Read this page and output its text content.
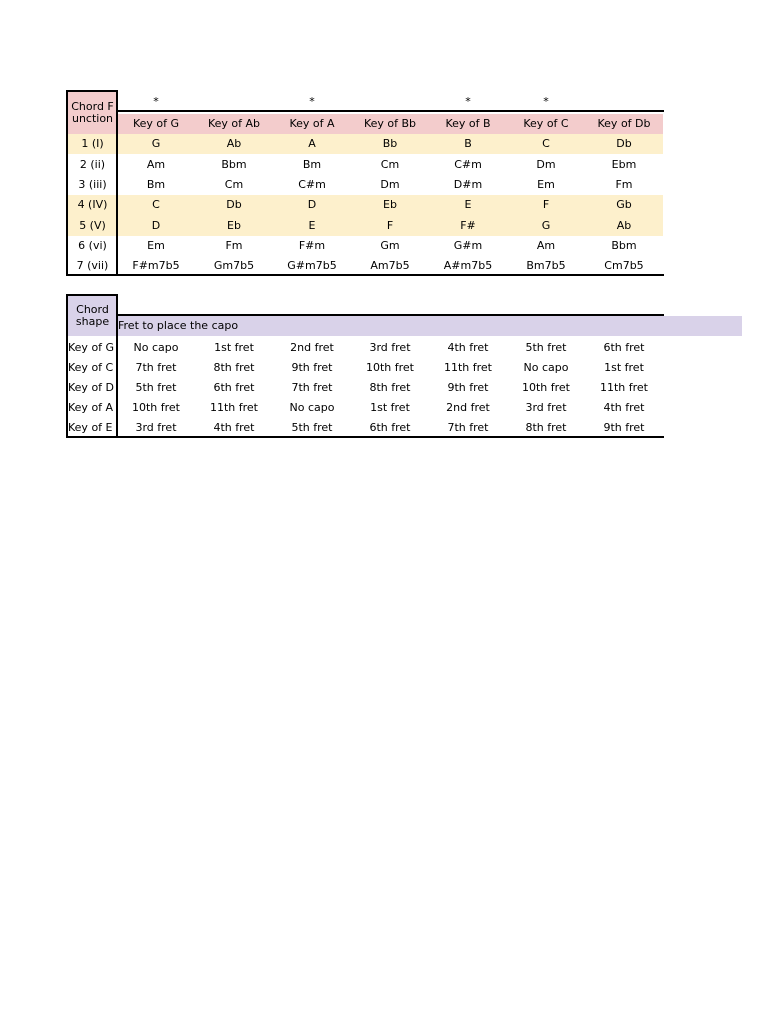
Chord Function
*	*	*	*
Key of G	Key of Ab	Key of A	Key of Bb	Key of B	Key of C	Key of Db
1 (I)	G	Ab	A	Bb	B	C	Db
2 (ii)	Am	Bbm	Bm	Cm	C#m	Dm	Ebm
3 (iii)	Bm	Cm	C#m	Dm	D#m	Em	Fm
4 (IV)	C	Db	D	Eb	E	F	Gb
5 (V)	D	Eb	E	F	F#	G	Ab
6 (vi)	Em	Fm	F#m	Gm	G#m	Am	Bbm
7 (vii)	F#m7b5	Gm7b5	G#m7b5	Am7b5	A#m7b5	Bm7b5	Cm7b5
Chord shape Fret to place the capo
Key of G	No capo	1st fret	2nd fret	3rd fret	4th fret	5th fret	6th fret
Key of C	7th fret	8th fret	9th fret	10th fret	11th fret	No capo	1st fret
Key of D	5th fret	6th fret	7th fret	8th fret	9th fret	10th fret	11th fret
Key of A	10th fret	11th fret	No capo	1st fret	2nd fret	3rd fret	4th fret
Key of E	3rd fret	4th fret	5th fret	6th fret	7th fret	8th fret	9th fret
